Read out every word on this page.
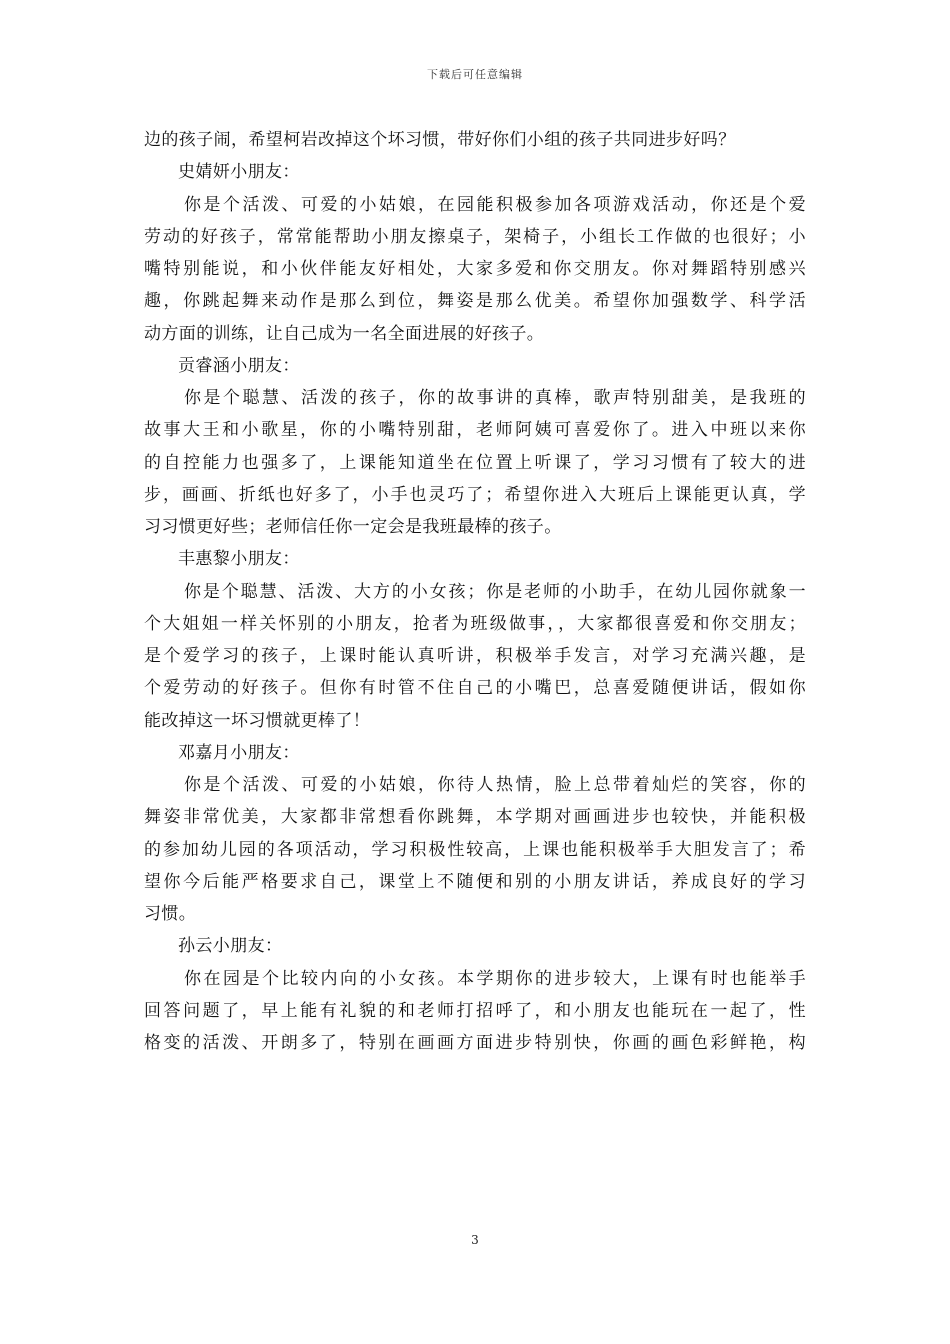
下载后可任意编辑
边的孩子闹，希望柯岩改掉这个坏习惯，带好你们小组的孩子共同进步好吗？
史婧妍小朋友：
你是个活泼、可爱的小姑娘，在园能积极参加各项游戏活动，你还是个爱
劳动的好孩子，常常能帮助小朋友擦桌子，架椅子，小组长工作做的也很好；小
嘴特别能说，和小伙伴能友好相处，大家多爱和你交朋友。你对舞蹈特别感兴
趣，你跳起舞来动作是那么到位，舞姿是那么优美。希望你加强数学、科学活
动方面的训练，让自己成为一名全面进展的好孩子。
贡睿涵小朋友：
你是个聪慧、活泼的孩子，你的故事讲的真棒，歌声特别甜美，是我班的
故事大王和小歌星，你的小嘴特别甜，老师阿姨可喜爱你了。进入中班以来你
的自控能力也强多了，上课能知道坐在位置上听课了，学习习惯有了较大的进
步，画画、折纸也好多了，小手也灵巧了；希望你进入大班后上课能更认真，学
习习惯更好些；老师信任你一定会是我班最棒的孩子。
丰惠黎小朋友：
你是个聪慧、活泼、大方的小女孩；你是老师的小助手，在幼儿园你就象一
个大姐姐一样关怀别的小朋友，抢者为班级做事，，大家都很喜爱和你交朋友；
是个爱学习的孩子，上课时能认真听讲，积极举手发言，对学习充满兴趣，是
个爱劳动的好孩子。但你有时管不住自己的小嘴巴，总喜爱随便讲话，假如你
能改掉这一坏习惯就更棒了！
邓嘉月小朋友：
你是个活泼、可爱的小姑娘，你待人热情，脸上总带着灿烂的笑容，你的
舞姿非常优美，大家都非常想看你跳舞，本学期对画画进步也较快，并能积极
的参加幼儿园的各项活动，学习积极性较高，上课也能积极举手大胆发言了；希
望你今后能严格要求自己，课堂上不随便和别的小朋友讲话，养成良好的学习
习惯。
孙云小朋友：
你在园是个比较内向的小女孩。本学期你的进步较大，上课有时也能举手
回答问题了，早上能有礼貌的和老师打招呼了，和小朋友也能玩在一起了，性
格变的活泼、开朗多了，特别在画画方面进步特别快，你画的画色彩鲜艳，构
3
